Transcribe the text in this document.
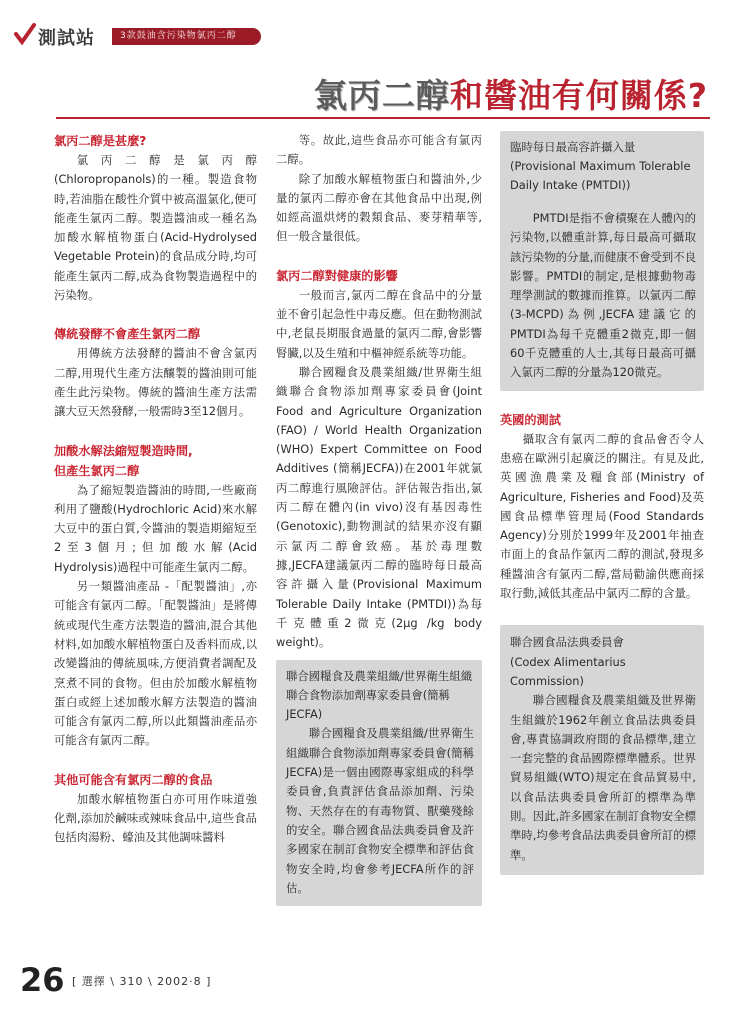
測試站	3款鼓油含污染物氯丙二醇
氯丙二醇和醬油有何關係?
氯丙二醇是甚麼?
氯丙二醇是氯丙醇(Chloropropanols)的一種。製造食物時,若油脂在酸性介質中被高溫氯化,便可能產生氯丙二醇。製造醬油或一種名為加酸水解植物蛋白(Acid-Hydrolysed Vegetable Protein)的食品成分時,均可能產生氯丙二醇,成為食物製造過程中的污染物。
傳統發酵不會產生氯丙二醇
用傳統方法發酵的醬油不會含氯丙二醇,用現代生產方法釀製的醬油則可能產生此污染物。傳統的醬油生產方法需讓大豆天然發酵,一般需時3至12個月。
加酸水解法縮短製造時間,
但產生氯丙二醇
為了縮短製造醬油的時間,一些廠商利用了鹽酸(Hydrochloric Acid)來水解大豆中的蛋白質,令醬油的製造期縮短至2至3個月;但加酸水解(Acid Hydrolysis)過程中可能產生氯丙二醇。
另一類醬油產品 -「配製醬油」,亦可能含有氯丙二醇。「配製醬油」是將傳統或現代生產方法製造的醬油,混合其他材料,如加酸水解植物蛋白及香料而成,以改變醬油的傳統風味,方便消費者調配及烹煮不同的食物。但由於加酸水解植物蛋白或經上述加酸水解方法製造的醬油可能含有氯丙二醇,所以此類醬油產品亦可能含有氯丙二醇。
其他可能含有氯丙二醇的食品
加酸水解植物蛋白亦可用作味道強化劑,添加於鹹味或辣味食品中,這些食品包括肉湯粉、蠔油及其他調味醬料
等。故此,這些食品亦可能含有氯丙二醇。
除了加酸水解植物蛋白和醬油外,少量的氯丙二醇亦會在其他食品中出現,例如經高溫烘烤的穀類食品、麥芽精華等,但一般含量很低。
氯丙二醇對健康的影響
一般而言,氯丙二醇在食品中的分量並不會引起急性中毒反應。但在動物測試中,老鼠長期服食過量的氯丙二醇,會影響腎臟,以及生殖和中樞神經系統等功能。
聯合國糧食及農業組織/世界衛生組織聯合食物添加劑專家委員會(Joint Food and Agriculture Organization (FAO) / World Health Organization (WHO) Expert Committee on Food Additives (簡稱JECFA))在2001年就氯丙二醇進行風險評估。評估報告指出,氯丙二醇在體內(in vivo)沒有基因毒性(Genotoxic),動物測試的結果亦沒有顯示氯丙二醇會致癌。基於毒理數據,JECFA建議氯丙二醇的臨時每日最高容許攝入量(Provisional Maximum Tolerable Daily Intake (PMTDI))為每千克體重2微克(2μg /kg body weight)。
聯合國糧食及農業組織/世界衛生組織聯合食物添加劑專家委員會(簡稱JECFA)
聯合國糧食及農業組織/世界衛生組織聯合食物添加劑專家委員會(簡稱JECFA)是一個由國際專家組成的科學委員會,負責評估食品添加劑、污染物、天然存在的有毒物質、獸藥殘餘的安全。聯合國食品法典委員會及許多國家在制訂食物安全標準和評估食物安全時,均會參考JECFA所作的評估。
臨時每日最高容許攝入量(Provisional Maximum Tolerable Daily Intake (PMTDI))
PMTDI是指不會積聚在人體內的污染物,以體重計算,每日最高可攝取該污染物的分量,而健康不會受到不良影響。PMTDI的制定,是根據動物毒理學測試的數據而推算。以氯丙二醇(3-MCPD)為例,JECFA建議它的PMTDI為每千克體重2微克,即一個60千克體重的人士,其每日最高可攝入氯丙二醇的分量為120微克。
英國的測試
攝取含有氯丙二醇的食品會否令人患癌在歐洲引起廣泛的關注。有見及此,英國漁農業及糧食部(Ministry of Agriculture, Fisheries and Food)及英國食品標準管理局(Food Standards Agency)分別於1999年及2001年抽查市面上的食品作氯丙二醇的測試,發現多種醬油含有氯丙二醇,當局勸諭供應商採取行動,減低其產品中氯丙二醇的含量。
聯合國食品法典委員會
(Codex Alimentarius Commission)
聯合國糧食及農業組織及世界衛生組織於1962年創立食品法典委員會,專責協調政府間的食品標準,建立一套完整的食品國際標準體系。世界貿易組織(WTO)規定在食品貿易中,以食品法典委員會所訂的標準為準則。因此,許多國家在制訂食物安全標準時,均參考食品法典委員會所訂的標準。
26 [ 選擇 \ 310 \ 2002·8 ]
